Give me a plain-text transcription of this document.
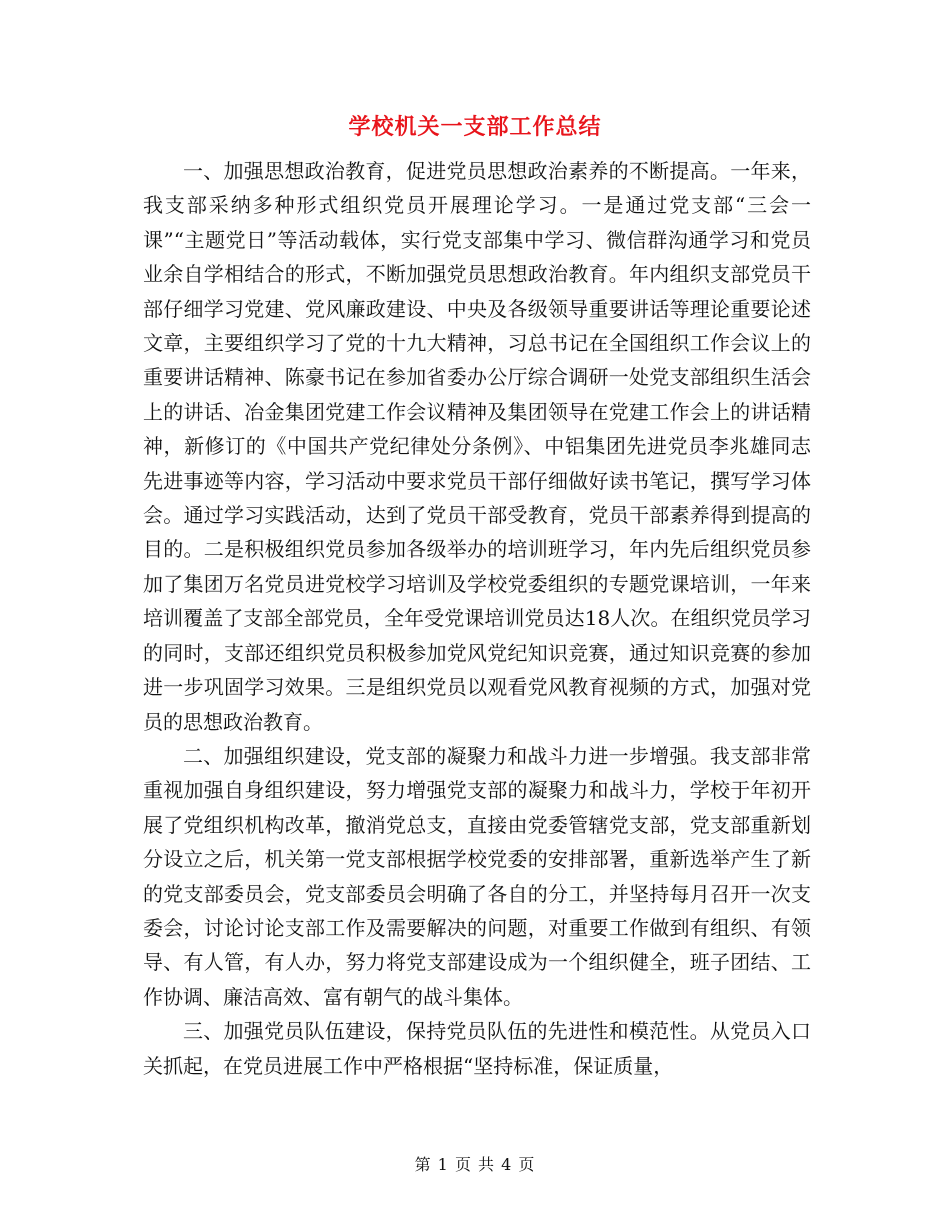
学校机关一支部工作总结

一、加强思想政治教育，促进党员思想政治素养的不断提高。一年来，我支部采纳多种形式组织党员开展理论学习。一是通过党支部“三会一课”“主题党日”等活动载体，实行党支部集中学习、微信群沟通学习和党员业余自学相结合的形式，不断加强党员思想政治教育。年内组织支部党员干部仔细学习党建、党风廉政建设、中央及各级领导重要讲话等理论重要论述文章，主要组织学习了党的十九大精神，习总书记在全国组织工作会议上的重要讲话精神、陈豪书记在参加省委办公厅综合调研一处党支部组织生活会上的讲话、冶金集团党建工作会议精神及集团领导在党建工作会上的讲话精神，新修订的《中国共产党纪律处分条例》、中铝集团先进党员李兆雄同志先进事迹等内容，学习活动中要求党员干部仔细做好读书笔记，撰写学习体会。通过学习实践活动，达到了党员干部受教育，党员干部素养得到提高的目的。二是积极组织党员参加各级举办的培训班学习，年内先后组织党员参加了集团万名党员进党校学习培训及学校党委组织的专题党课培训，一年来培训覆盖了支部全部党员，全年受党课培训党员达18人次。在组织党员学习的同时，支部还组织党员积极参加党风党纪知识竞赛，通过知识竞赛的参加进一步巩固学习效果。三是组织党员以观看党风教育视频的方式，加强对党员的思想政治教育。

二、加强组织建设，党支部的凝聚力和战斗力进一步增强。我支部非常重视加强自身组织建设，努力增强党支部的凝聚力和战斗力，学校于年初开展了党组织机构改革，撤消党总支，直接由党委管辖党支部，党支部重新划分设立之后，机关第一党支部根据学校党委的安排部署，重新选举产生了新的党支部委员会，党支部委员会明确了各自的分工，并坚持每月召开一次支委会，讨论讨论支部工作及需要解决的问题，对重要工作做到有组织、有领导、有人管，有人办，努力将党支部建设成为一个组织健全，班子团结、工作协调、廉洁高效、富有朝气的战斗集体。

三、加强党员队伍建设，保持党员队伍的先进性和模范性。从党员入口关抓起，在党员进展工作中严格根据“坚持标准，保证质量，

第 1 页 共 4 页
